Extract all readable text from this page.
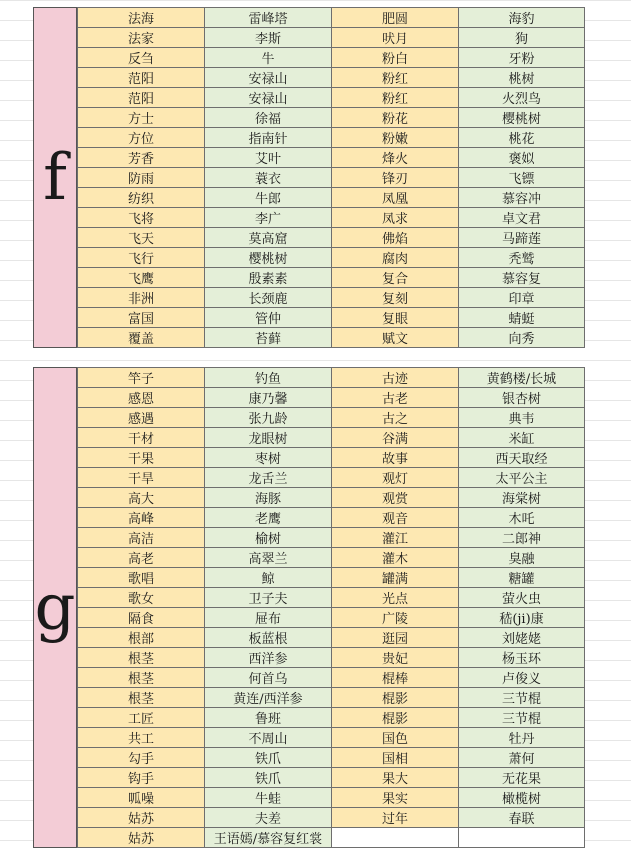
f
法海	雷峰塔	肥圆	海豹
法家	李斯	吠月	狗
反刍	牛	粉白	牙粉
范阳	安禄山	粉红	桃树
范阳	安禄山	粉红	火烈鸟
方士	徐福	粉花	樱桃树
方位	指南针	粉嫩	桃花
芳香	艾叶	烽火	褒姒
防雨	蓑衣	锋刃	飞镖
纺织	牛郎	凤凰	慕容冲
飞将	李广	凤求	卓文君
飞天	莫高窟	佛焰	马蹄莲
飞行	樱桃树	腐肉	秃鹫
飞鹰	殷素素	复合	慕容复
非洲	长颈鹿	复刻	印章
富国	管仲	复眼	蜻蜓
覆盖	苔藓	赋文	向秀
g
竿子	钓鱼	古迹	黄鹤楼/长城
感恩	康乃馨	古老	银杏树
感遇	张九龄	古之	典韦
干材	龙眼树	谷满	米缸
干果	枣树	故事	西天取经
干旱	龙舌兰	观灯	太平公主
高大	海豚	观赏	海棠树
高峰	老鹰	观音	木吒
高洁	榆树	灌江	二郎神
高老	高翠兰	灌木	臭融
歌唱	鲸	罐满	糖罐
歌女	卫子夫	光点	萤火虫
隔食	屉布	广陵	嵇(ji)康
根部	板蓝根	逛园	刘姥姥
根茎	西洋参	贵妃	杨玉环
根茎	何首乌	棍棒	卢俊义
根茎	黄连/西洋参	棍影	三节棍
工匠	鲁班	棍影	三节棍
共工	不周山	国色	牡丹
勾手	铁爪	国相	萧何
钩手	铁爪	果大	无花果
呱噪	牛蛙	果实	橄榄树
姑苏	夫差	过年	春联
姑苏	王语嫣/慕容复红裳		
